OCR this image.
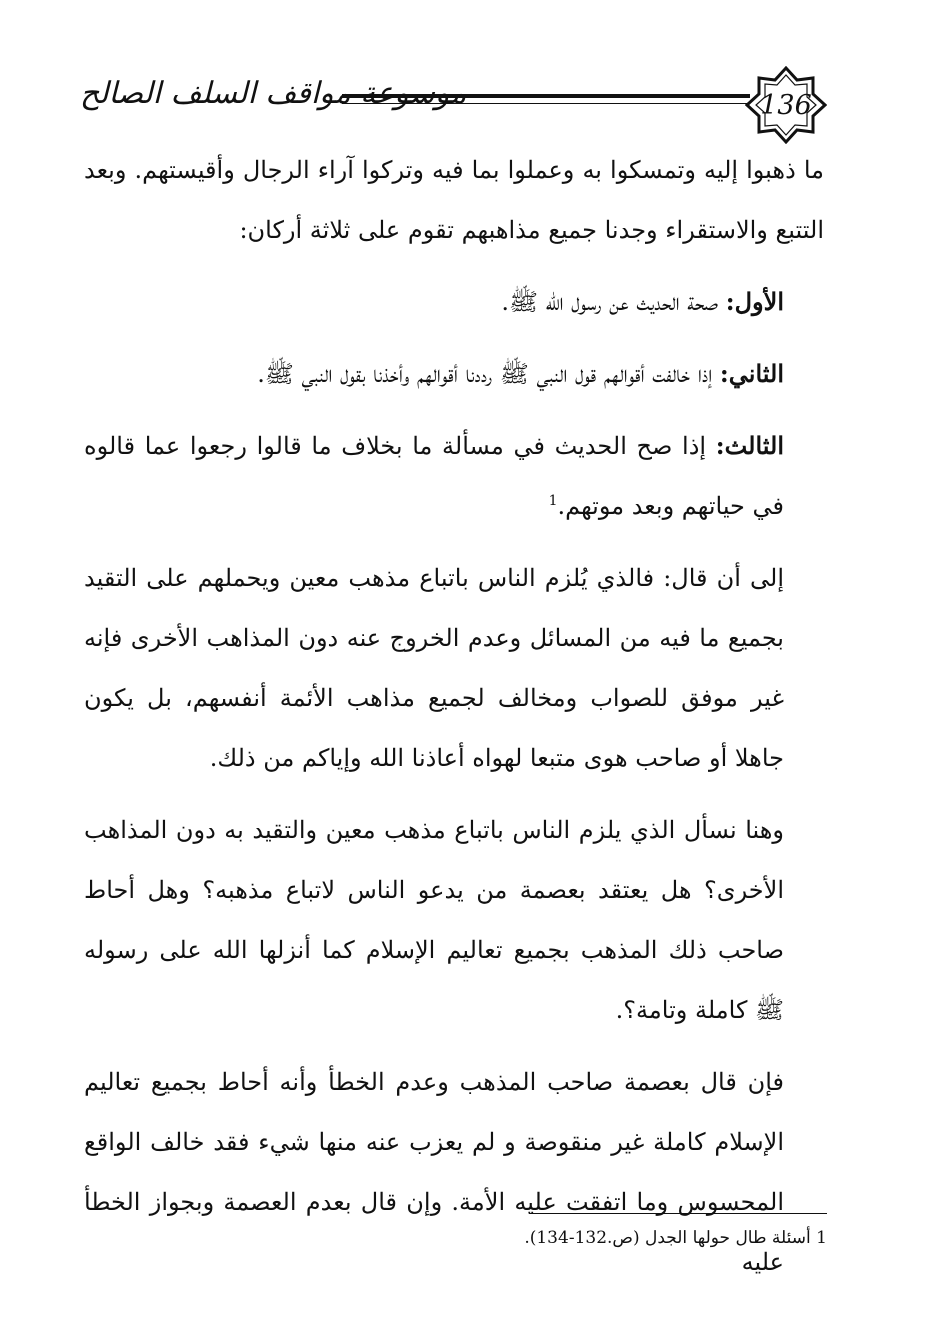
موسوعة مواقف السلف الصالح	136

ما ذهبوا إليه وتمسكوا به وعملوا بما فيه وتركوا آراء الرجال وأقيستهم. وبعد التتبع والاستقراء وجدنا جميع مذاهبهم تقوم على ثلاثة أركان:

الأول: صحة الحديث عن رسول الله ﷺ.

الثاني: إذا خالفت أقوالهم قول النبي ﷺ رددنا أقوالهم وأخذنا بقول النبي ﷺ.

الثالث: إذا صح الحديث في مسألة ما بخلاف ما قالوا رجعوا عما قالوه في حياتهم وبعد موتهم.$^1$

إلى أن قال: فالذي يُلزم الناس باتباع مذهب معين ويحملهم على التقيد بجميع ما فيه من المسائل وعدم الخروج عنه دون المذاهب الأخرى فإنه غير موفق للصواب ومخالف لجميع مذاهب الأئمة أنفسهم، بل يكون جاهلا أو صاحب هوى متبعا لهواه أعاذنا الله وإياكم من ذلك.

وهنا نسأل الذي يلزم الناس باتباع مذهب معين والتقيد به دون المذاهب الأخرى؟ هل يعتقد بعصمة من يدعو الناس لاتباع مذهبه؟ وهل أحاط صاحب ذلك المذهب بجميع تعاليم الإسلام كما أنزلها الله على رسوله ﷺ كاملة وتامة؟.

فإن قال بعصمة صاحب المذهب وعدم الخطأ وأنه أحاط بجميع تعاليم الإسلام كاملة غير منقوصة و لم يعزب عنه منها شيء فقد خالف الواقع المحسوس وما اتفقت عليه الأمة. وإن قال بعدم العصمة وبجواز الخطأ عليه

1 أسئلة طال حولها الجدل (ص.132-134).
